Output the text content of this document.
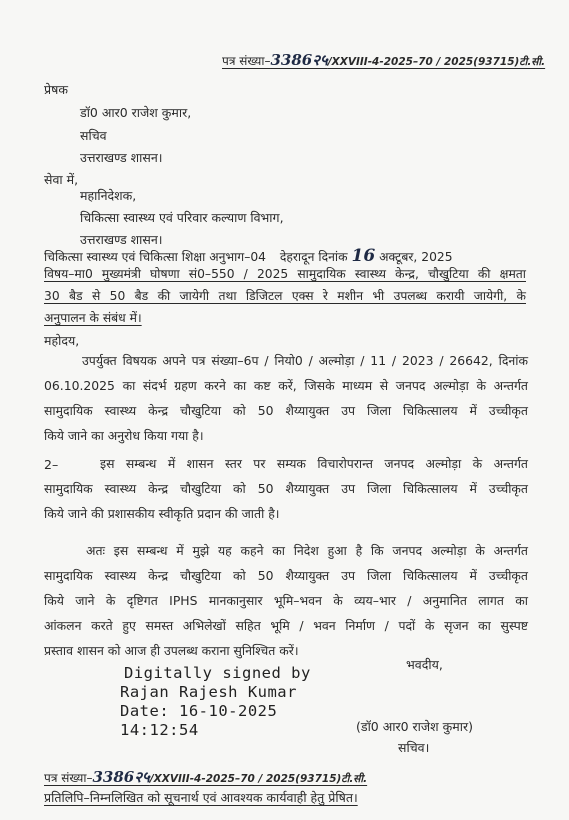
पत्र संख्या–3386२५/XXVIII-4-2025–70 / 2025(93715)टी.सी.
प्रेषक
डॉ0 आर0 राजेश कुमार,
सचिव
उत्तराखण्ड शासन।
सेवा में,
महानिदेशक,
चिकित्सा स्वास्थ्य एवं परिवार कल्याण विभाग,
उत्तराखण्ड शासन।
चिकित्सा स्वास्थ्य एवं चिकित्सा शिक्षा अनुभाग–04 देहरादून दिनांक 16 अक्टूबर, 2025
विषय–मा0 मुख्यमंत्री घोषणा सं0–550 / 2025 सामुदायिक स्वास्थ्य केन्द्र, चौखुटिया की क्षमता
30 बैड से 50 बैड की जायेगी तथा डिजिटल एक्स रे मशीन भी उपलब्ध करायी जायेगी, के
अनुपालन के संबंध में।
महोदय,
उपर्युक्त विषयक अपने पत्र संख्या–6प / नियो0 / अल्मोड़ा / 11 / 2023 / 26642, दिनांक
06.10.2025 का संदर्भ ग्रहण करने का कष्ट करें, जिसके माध्यम से जनपद अल्मोड़ा के अन्तर्गत
सामुदायिक स्वास्थ्य केन्द्र चौखुटिया को 50 शैय्यायुक्त उप जिला चिकित्सालय में उच्चीकृत
किये जाने का अनुरोध किया गया है।
2–	इस सम्बन्ध में शासन स्तर पर सम्यक विचारोपरान्त जनपद अल्मोड़ा के अन्तर्गत
सामुदायिक स्वास्थ्य केन्द्र चौखुटिया को 50 शैय्यायुक्त उप जिला चिकित्सालय में उच्चीकृत
किये जाने की प्रशासकीय स्वीकृति प्रदान की जाती है।
अतः इस सम्बन्ध में मुझे यह कहने का निदेश हुआ है कि जनपद अल्मोड़ा के अन्तर्गत
सामुदायिक स्वास्थ्य केन्द्र चौखुटिया को 50 शैय्यायुक्त उप जिला चिकित्सालय में उच्चीकृत
किये जाने के दृष्टिगत IPHS मानकानुसार भूमि–भवन के व्यय–भार / अनुमानित लागत का
आंकलन करते हुए समस्त अभिलेखों सहित भूमि / भवन निर्माण / पदों के सृजन का सुस्पष्ट
प्रस्ताव शासन को आज ही उपलब्ध कराना सुनिश्चित करें।
Digitally signed by
Rajan Rajesh Kumar
Date: 16-10-2025
14:12:54
भवदीय,
(डॉ0 आर0 राजेश कुमार)
सचिव।
पत्र संख्या–3386२५/XXVIII-4-2025–70 / 2025(93715)टी.सी.
प्रतिलिपि–निम्नलिखित को सूचनार्थ एवं आवश्यक कार्यवाही हेतु प्रेषित।
